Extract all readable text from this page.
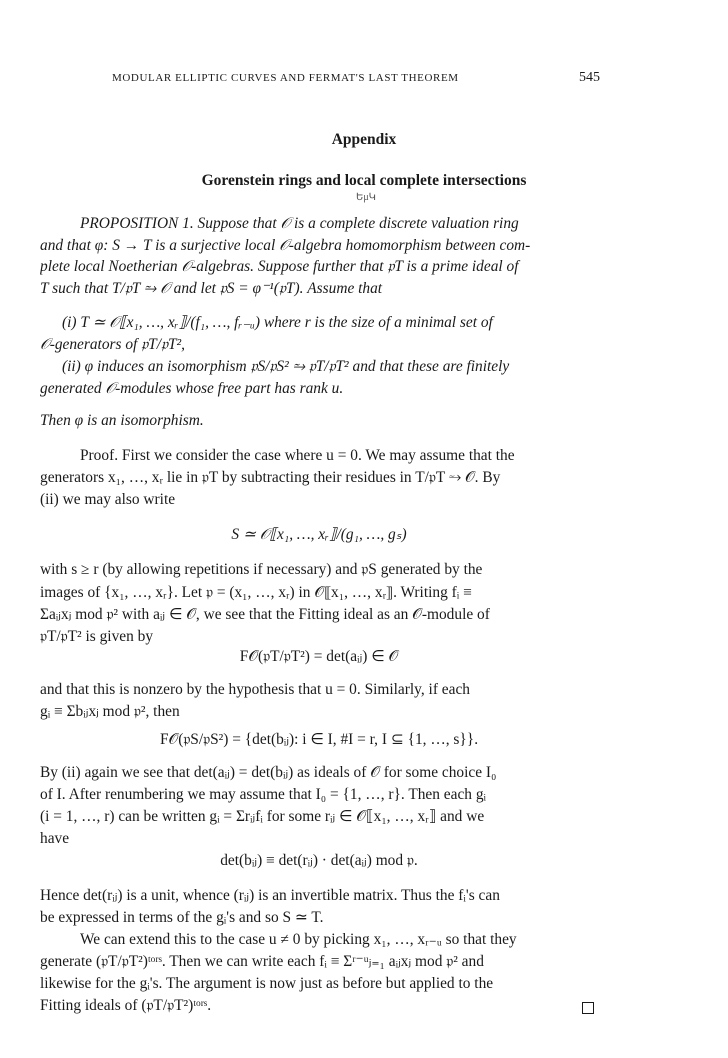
MODULAR ELLIPTIC CURVES AND FERMAT'S LAST THEOREM	545
Appendix
Gorenstein rings and local complete intersections
ԵμԿ
PROPOSITION 1. Suppose that 𝒪 is a complete discrete valuation ring
and that φ: S → T is a surjective local 𝒪-algebra homomorphism between com-
plete local Noetherian 𝒪-algebras. Suppose further that 𝔭T is a prime ideal of
T such that T/𝔭T ⥲ 𝒪 and let 𝔭S = φ⁻¹(𝔭T). Assume that
(i) T ≃ 𝒪⟦x₁, …, xᵣ⟧/(f₁, …, fᵣ₋ᵤ) where r is the size of a minimal set of
𝒪-generators of 𝔭T/𝔭T²,
(ii) φ induces an isomorphism 𝔭S/𝔭S² ⥲ 𝔭T/𝔭T² and that these are finitely
generated 𝒪-modules whose free part has rank u.
Then φ is an isomorphism.
Proof. First we consider the case where u = 0. We may assume that the
generators x₁, …, xᵣ lie in 𝔭T by subtracting their residues in T/𝔭T ⥲ 𝒪. By
(ii) we may also write
S ≃ 𝒪⟦x₁, …, xᵣ⟧/(g₁, …, gₛ)
with s ≥ r (by allowing repetitions if necessary) and 𝔭S generated by the
images of {x₁, …, xᵣ}. Let 𝔭 = (x₁, …, xᵣ) in 𝒪⟦x₁, …, xᵣ⟧. Writing fᵢ ≡
Σaᵢⱼxⱼ mod 𝔭² with aᵢⱼ ∈ 𝒪, we see that the Fitting ideal as an 𝒪-module of
𝔭T/𝔭T² is given by
F𝒪(𝔭T/𝔭T²) = det(aᵢⱼ) ∈ 𝒪
and that this is nonzero by the hypothesis that u = 0. Similarly, if each
gᵢ ≡ Σbᵢⱼxⱼ mod 𝔭², then
F𝒪(𝔭S/𝔭S²) = {det(bᵢⱼ): i ∈ I, #I = r, I ⊆ {1, …, s}}.
By (ii) again we see that det(aᵢⱼ) = det(bᵢⱼ) as ideals of 𝒪 for some choice I₀
of I. After renumbering we may assume that I₀ = {1, …, r}. Then each gᵢ
(i = 1, …, r) can be written gᵢ = Σrᵢⱼfᵢ for some rᵢⱼ ∈ 𝒪⟦x₁, …, xᵣ⟧ and we
have
det(bᵢⱼ) ≡ det(rᵢⱼ) · det(aᵢⱼ) mod 𝔭.
Hence det(rᵢⱼ) is a unit, whence (rᵢⱼ) is an invertible matrix. Thus the fᵢ's can
be expressed in terms of the gᵢ's and so S ≃ T.
We can extend this to the case u ≠ 0 by picking x₁, …, xᵣ₋ᵤ so that they
generate (𝔭T/𝔭T²)ᵗᵒʳˢ. Then we can write each fᵢ ≡ Σʳ⁻ᵘⱼ₌₁ aᵢⱼxⱼ mod 𝔭² and
likewise for the gᵢ's. The argument is now just as before but applied to the
Fitting ideals of (𝔭T/𝔭T²)ᵗᵒʳˢ.
